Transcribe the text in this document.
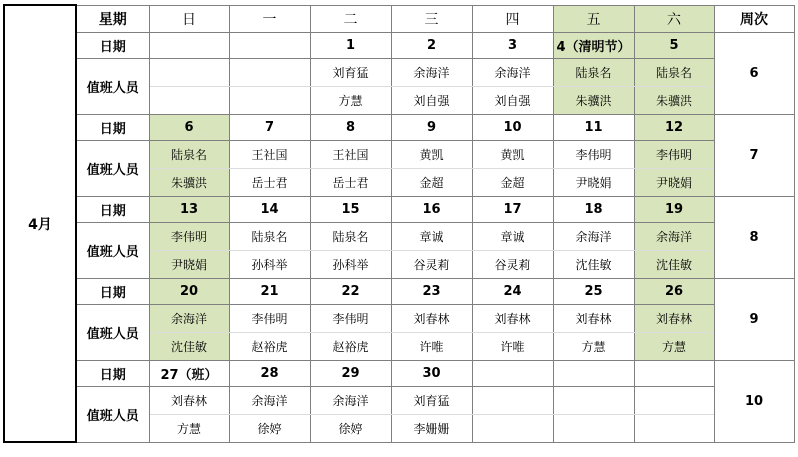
4月	星期	日	一	二	三	四	五	六	周次
	日期			1	2	3	4（清明节）	5	6
	值班人员			刘育猛	余海洋	余海洋	陆泉名	陆泉名	
				方慧	刘自强	刘自强	朱骥洪	朱骥洪	
	日期	6	7	8	9	10	11	12	7
	值班人员	陆泉名	王社国	王社国	黄凯	黄凯	李伟明	李伟明	
		朱骥洪	岳士君	岳士君	金超	金超	尹晓娟	尹晓娟	
	日期	13	14	15	16	17	18	19	8
	值班人员	李伟明	陆泉名	陆泉名	章诚	章诚	余海洋	余海洋	
		尹晓娟	孙科举	孙科举	谷灵莉	谷灵莉	沈佳敏	沈佳敏	
	日期	20	21	22	23	24	25	26	9
	值班人员	余海洋	李伟明	李伟明	刘春林	刘春林	刘春林	刘春林	
		沈佳敏	赵裕虎	赵裕虎	许唯	许唯	方慧	方慧	
	日期	27（班）	28	29	30				10
	值班人员	刘春林	余海洋	余海洋	刘育猛				
		方慧	徐婷	徐婷	李姗姗				
